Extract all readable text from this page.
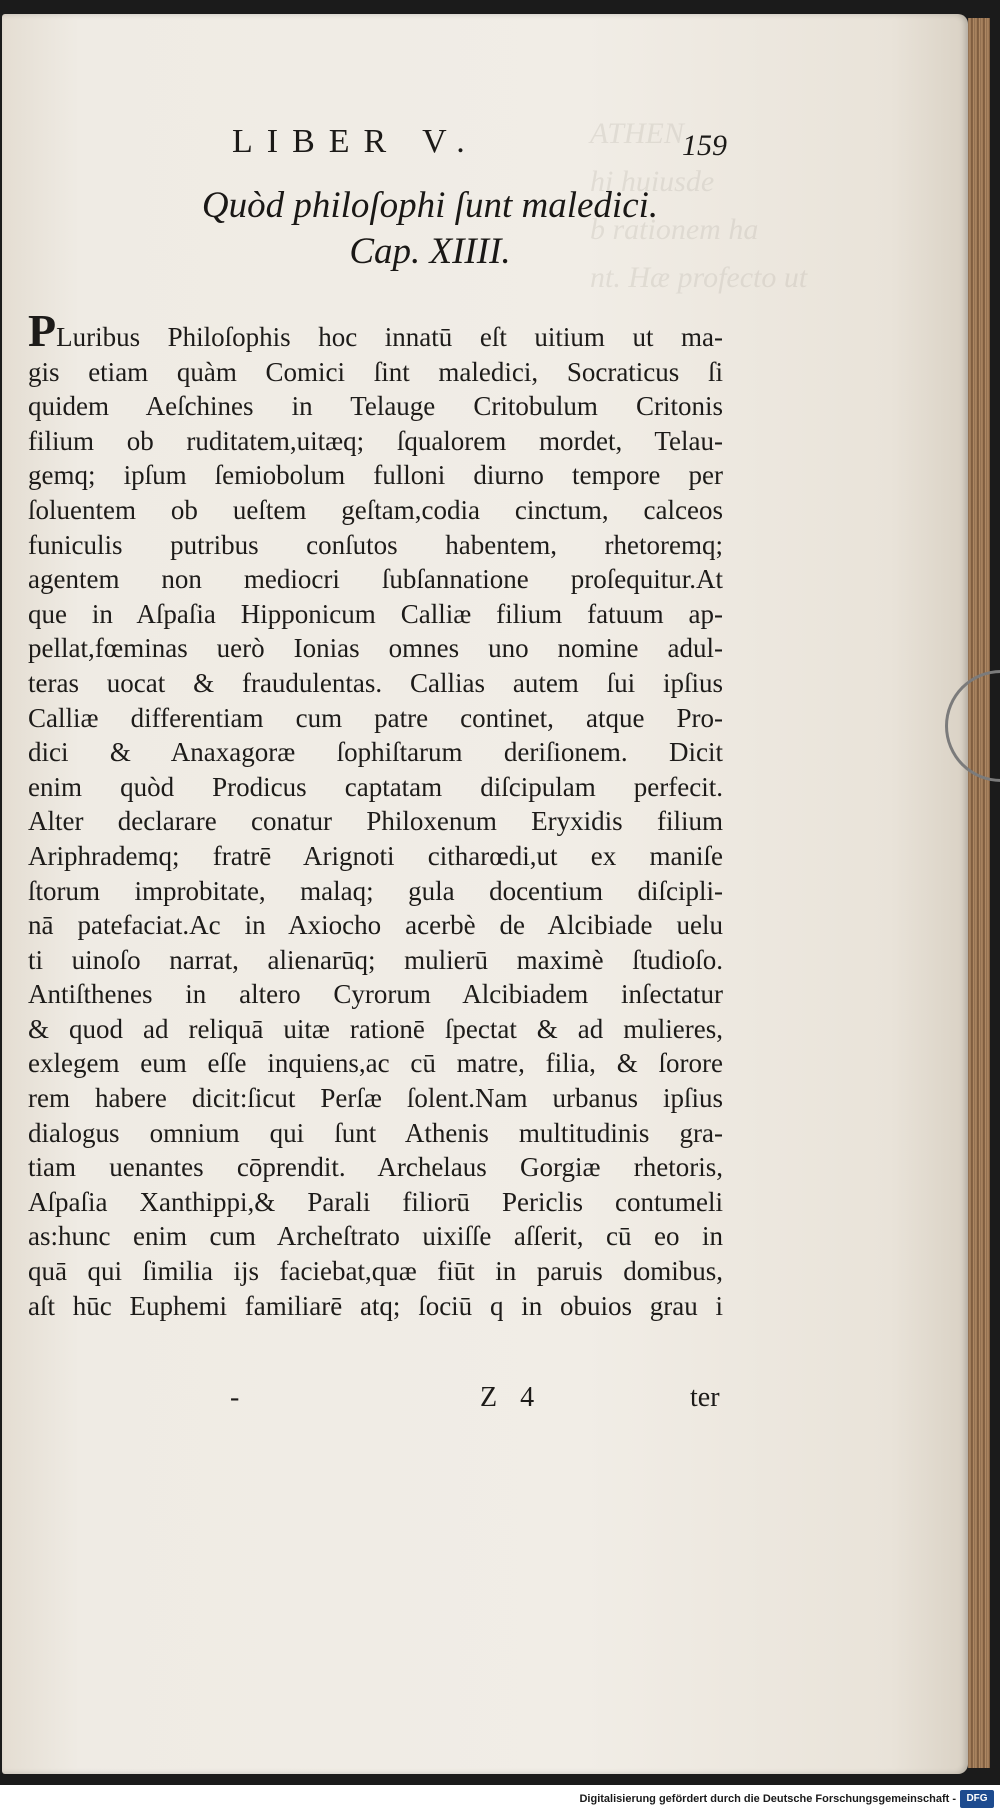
ATHEN
hi huiusde
b rationem ha
nt. Hæ profecto ut
LIBER V.	159
Quòd philoſophi ſunt maledici.
Cap. XIIII.
PLuribus Philoſophis hoc innatū eſt uitium ut ma-
gis etiam quàm Comici ſint maledici, Socraticus ſi
quidem Aeſchines in Telauge Critobulum Critonis
filium ob ruditatem,uitæq; ſqualorem mordet, Telau-
gemq; ipſum ſemiobolum fulloni diurno tempore per
ſoluentem ob ueſtem geſtam,codia cinctum, calceos
funiculis putribus conſutos habentem, rhetoremq;
agentem non mediocri ſubſannatione proſequitur.At
que in Aſpaſia Hipponicum Calliæ filium fatuum ap-
pellat,fœminas uerò Ionias omnes uno nomine adul-
teras uocat & fraudulentas. Callias autem ſui ipſius
Calliæ differentiam cum patre continet, atque Pro-
dici & Anaxagoræ ſophiſtarum deriſionem. Dicit
enim quòd Prodicus captatam diſcipulam perfecit.
Alter declarare conatur Philoxenum Eryxidis filium
Ariphrademq; fratrē Arignoti citharœdi,ut ex maniſe
ſtorum improbitate, malaq; gula docentium diſcipli-
nā patefaciat.Ac in Axiocho acerbè de Alcibiade uelu
ti uinoſo narrat, alienarūq; mulierū maximè ſtudioſo.
Antiſthenes in altero Cyrorum Alcibiadem inſectatur
& quod ad reliquā uitæ rationē ſpectat & ad mulieres,
exlegem eum eſſe inquiens,ac cū matre, filia, & ſorore
rem habere dicit:ſicut Perſæ ſolent.Nam urbanus ipſius
dialogus omnium qui ſunt Athenis multitudinis gra-
tiam uenantes cōprendit. Archelaus Gorgiæ rhetoris,
Aſpaſia Xanthippi,& Parali filiorū Periclis contumeli
as:hunc enim cum Archeſtrato uixiſſe aſſerit, cū eo in
quā qui ſimilia ijs faciebat,quæ fiūt in paruis domibus,
aſt hūc Euphemi familiarē atq; ſociū q in obuios grau i
-	Z 4	ter
Digitalisierung gefördert durch die Deutsche Forschungsgemeinschaft -	DFG
